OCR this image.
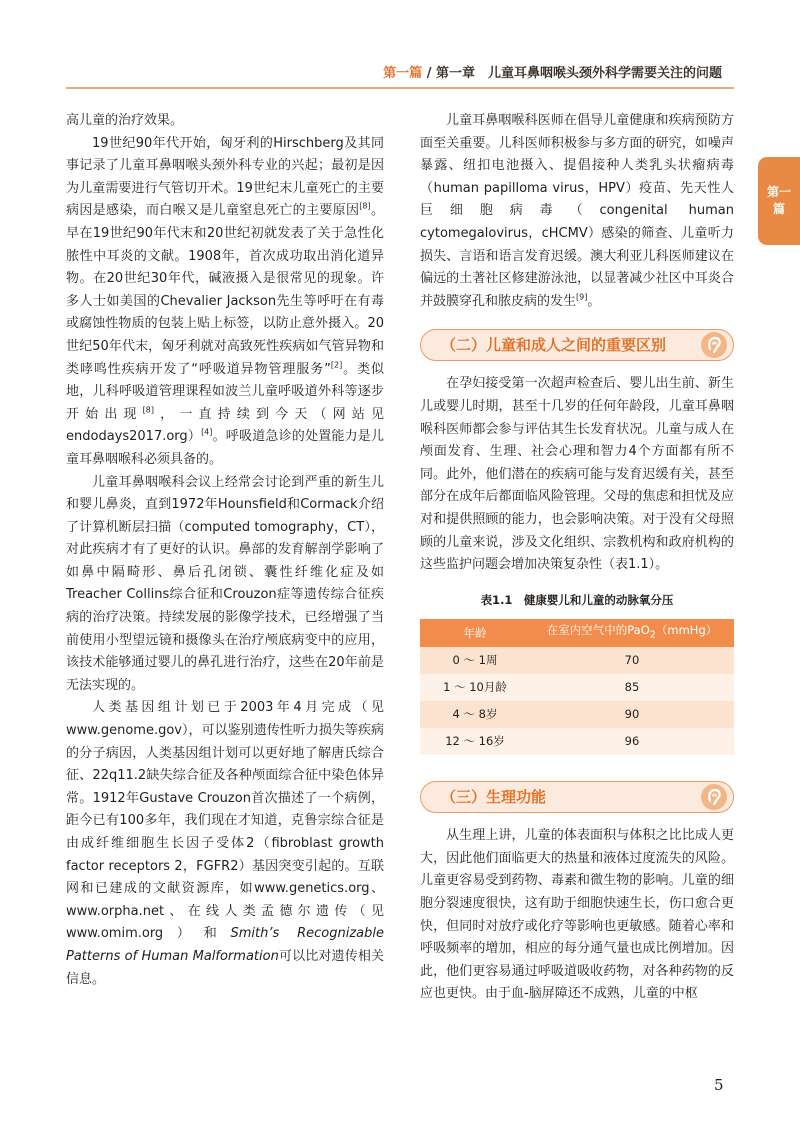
第一篇 / 第一章　儿童耳鼻咽喉头颈外科学需要关注的问题
第一
篇

高儿童的治疗效果。

19世纪90年代开始，匈牙利的Hirschberg及其同事记录了儿童耳鼻咽喉头颈外科专业的兴起；最初是因为儿童需要进行气管切开术。19世纪末儿童死亡的主要病因是感染，而白喉又是儿童窒息死亡的主要原因[8]。早在19世纪90年代末和20世纪初就发表了关于急性化脓性中耳炎的文献。1908年，首次成功取出消化道异物。在20世纪30年代，碱液摄入是很常见的现象。许多人士如美国的Chevalier Jackson先生等呼吁在有毒或腐蚀性物质的包装上贴上标签，以防止意外摄入。20世纪50年代末，匈牙利就对高致死性疾病如气管异物和类哮鸣性疾病开发了“呼吸道异物管理服务”[2]。类似地，儿科呼吸道管理课程如波兰儿童呼吸道外科等逐步开始出现[8]，一直持续到今天（网站见endodays2017.org）[4]。呼吸道急诊的处置能力是儿童耳鼻咽喉科必须具备的。

儿童耳鼻咽喉科会议上经常会讨论到严重的新生儿和婴儿鼻炎，直到1972年Hounsfield和Cormack介绍了计算机断层扫描（computed tomography，CT），对此疾病才有了更好的认识。鼻部的发育解剖学影响了如鼻中隔畸形、鼻后孔闭锁、囊性纤维化症及如Treacher Collins综合征和Crouzon症等遗传综合征疾病的治疗决策。持续发展的影像学技术，已经增强了当前使用小型望远镜和摄像头在治疗颅底病变中的应用，该技术能够通过婴儿的鼻孔进行治疗，这些在20年前是无法实现的。

人类基因组计划已于2003年4月完成（见www.genome.gov），可以鉴别遗传性听力损失等疾病的分子病因，人类基因组计划可以更好地了解唐氏综合征、22q11.2缺失综合征及各种颅面综合征中染色体异常。1912年Gustave Crouzon首次描述了一个病例，距今已有100多年，我们现在才知道，克鲁宗综合征是由成纤维细胞生长因子受体2（fibroblast growth factor receptors 2，FGFR2）基因突变引起的。互联网和已建成的文献资源库，如www.genetics.org、www.orpha.net、在线人类孟德尔遗传（见www.omim.org）和Smith’s Recognizable Patterns of Human Malformation可以比对遗传相关信息。

儿童耳鼻咽喉科医师在倡导儿童健康和疾病预防方面至关重要。儿科医师积极参与多方面的研究，如噪声暴露、纽扣电池摄入、提倡接种人类乳头状瘤病毒（human papilloma virus，HPV）疫苗、先天性人巨细胞病毒（congenital human cytomegalovirus，cHCMV）感染的筛查、儿童听力损失、言语和语言发育迟缓。澳大利亚儿科医师建议在偏远的土著社区修建游泳池，以显著减少社区中耳炎合并鼓膜穿孔和脓皮病的发生[9]。

（二）儿童和成人之间的重要区别

在孕妇接受第一次超声检查后、婴儿出生前、新生儿或婴儿时期，甚至十几岁的任何年龄段，儿童耳鼻咽喉科医师都会参与评估其生长发育状况。儿童与成人在颅面发育、生理、社会心理和智力4个方面都有所不同。此外，他们潜在的疾病可能与发育迟缓有关，甚至部分在成年后都面临风险管理。父母的焦虑和担忧及应对和提供照顾的能力，也会影响决策。对于没有父母照顾的儿童来说，涉及文化组织、宗教机构和政府机构的这些监护问题会增加决策复杂性（表1.1）。

表1.1　健康婴儿和儿童的动脉氧分压
年龄	在室内空气中的PaO$_2$（mmHg）
0 ～ 1周	70
1 ～ 10月龄	85
4 ～ 8岁	90
12 ～ 16岁	96
（三）生理功能

从生理上讲，儿童的体表面积与体积之比比成人更大，因此他们面临更大的热量和液体过度流失的风险。儿童更容易受到药物、毒素和微生物的影响。儿童的细胞分裂速度很快，这有助于细胞快速生长，伤口愈合更快，但同时对放疗或化疗等影响也更敏感。随着心率和呼吸频率的增加，相应的每分通气量也成比例增加。因此，他们更容易通过呼吸道吸收药物，对各种药物的反应也更快。由于血-脑屏障还不成熟，儿童的中枢

5
